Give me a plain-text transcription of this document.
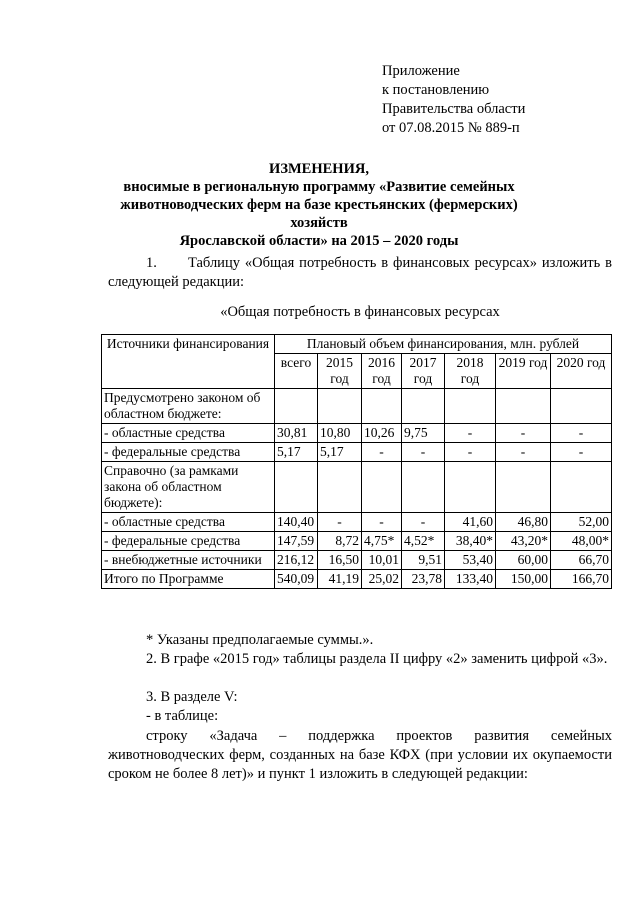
Приложение
к постановлению
Правительства области
от 07.08.2015 № 889-п
ИЗМЕНЕНИЯ,
вносимые в региональную программу «Развитие семейных
животноводческих ферм на базе крестьянских (фермерских) хозяйств
Ярославской области» на 2015 – 2020 годы
1. Таблицу «Общая потребность в финансовых ресурсах» изложить в следующей редакции:
«Общая потребность в финансовых ресурсах
Источники финансирования	Плановый объем финансирования, млн. рублей						
	всего	2015 год	2016 год	2017 год	2018 год	2019 год	2020 год
Предусмотрено законом об областном бюджете:							
- областные средства	30,81	10,80	10,26	9,75	-	-	-
- федеральные средства	5,17	5,17	-	-	-	-	-
Справочно (за рамками закона об областном бюджете):							
- областные средства	140,40	-	-	-	41,60	46,80	52,00
- федеральные средства	147,59	8,72	4,75*	4,52*	38,40*	43,20*	48,00*
- внебюджетные источники	216,12	16,50	10,01	9,51	53,40	60,00	66,70
Итого по Программе	540,09	41,19	25,02	23,78	133,40	150,00	166,70
* Указаны предполагаемые суммы.».
2. В графе «2015 год» таблицы раздела II цифру «2» заменить цифрой «3».
3. В разделе V:
- в таблице:
строку «Задача – поддержка проектов развития семейных животноводческих ферм, созданных на базе КФХ (при условии их окупаемости сроком не более 8 лет)» и пункт 1 изложить в следующей редакции:
